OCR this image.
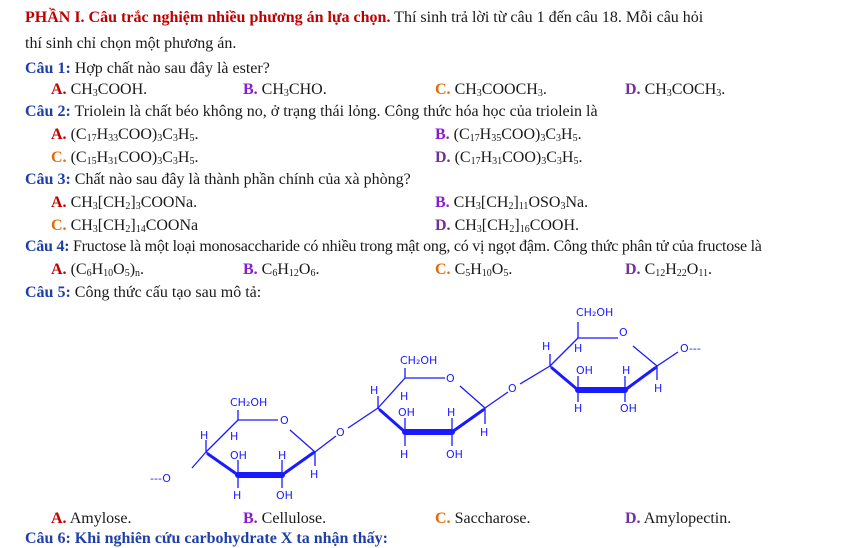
PHẦN I. Câu trắc nghiệm nhiều phương án lựa chọn. Thí sinh trả lời từ câu 1 đến câu 18. Mỗi câu hỏi
thí sinh chỉ chọn một phương án.
Câu 1: Hợp chất nào sau đây là ester?
A. $CH_3COOH$.	B. $CH_3CHO$.	C. $CH_3COOCH_3$.	D. $CH_3COCH_3$.
Câu 2: Triolein là chất béo không no, ở trạng thái lỏng. Công thức hóa học của triolein là
A. $(C_{17}H_{33}COO)_3C_3H_5$.	B. $(C_{17}H_{35}COO)_3C_3H_5$.
C. $(C_{15}H_{31}COO)_3C_3H_5$.	D. $(C_{17}H_{31}COO)_3C_3H_5$.
Câu 3: Chất nào sau đây là thành phần chính của xà phòng?
A. $CH_3[CH_2]_3COONa$.	B. $CH_3[CH_2]_{11}OSO_3Na$.
C. $CH_3[CH_2]_{14}COONa$	D. $CH_3[CH_2]_{16}COOH$.
Câu 4: Fructose là một loại monosaccharide có nhiều trong mật ong, có vị ngọt đậm. Công thức phân tử của fructose là
A. $(C_6H_{10}O_5)_n$.	B. $C_6H_{12}O_6$.	C. $C_5H_{10}O_5$.	D. $C_{12}H_{22}O_{11}$.
Câu 5: Công thức cấu tạo sau mô tả:
CH₂OH
O
H H
OH	H
H
H	OH
---O
O
CH₂OH
O
H H
OH	H
H
H	OH
O
CH₂OH
O
H H
OH	H
H
H	OH
O---
A. Amylose.	B. Cellulose.	C. Saccharose.	D. Amylopectin.
Câu 6: Khi nghiên cứu carbohydrate X ta nhận thấy:
